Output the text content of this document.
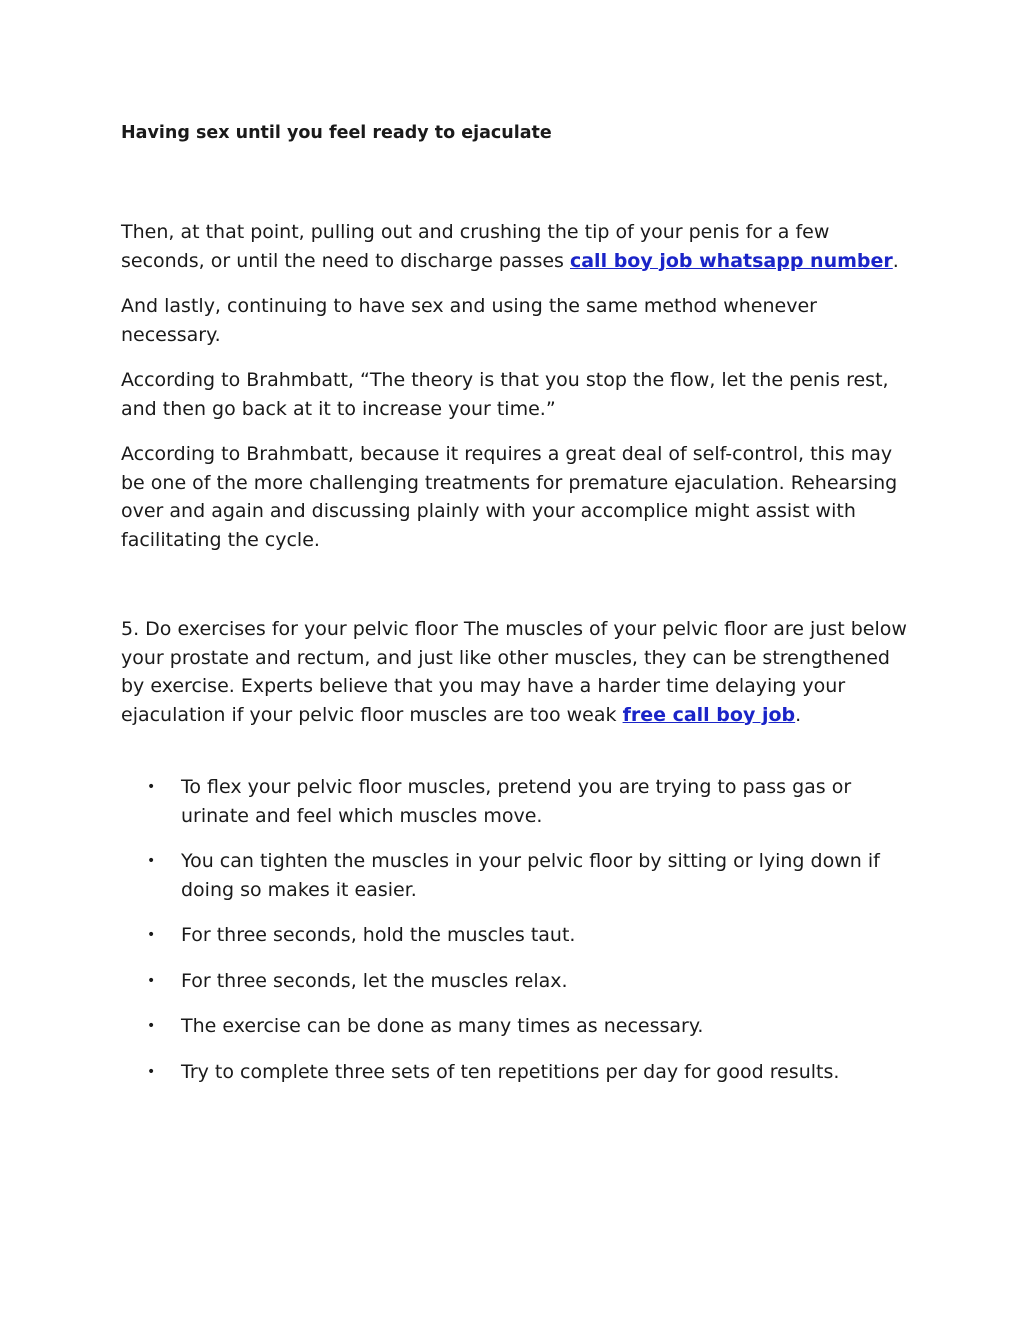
Having sex until you feel ready to ejaculate

Then, at that point, pulling out and crushing the tip of your penis for a few seconds, or until the need to discharge passes call boy job whatsapp number.

And lastly, continuing to have sex and using the same method whenever necessary.

According to Brahmbatt, “The theory is that you stop the flow, let the penis rest, and then go back at it to increase your time.”

According to Brahmbatt, because it requires a great deal of self-control, this may be one of the more challenging treatments for premature ejaculation. Rehearsing over and again and discussing plainly with your accomplice might assist with facilitating the cycle.

5. Do exercises for your pelvic floor The muscles of your pelvic floor are just below your prostate and rectum, and just like other muscles, they can be strengthened by exercise. Experts believe that you may have a harder time delaying your ejaculation if your pelvic floor muscles are too weak free call boy job.

• To flex your pelvic floor muscles, pretend you are trying to pass gas or urinate and feel which muscles move.
• You can tighten the muscles in your pelvic floor by sitting or lying down if doing so makes it easier.
• For three seconds, hold the muscles taut.
• For three seconds, let the muscles relax.
• The exercise can be done as many times as necessary.
• Try to complete three sets of ten repetitions per day for good results.
